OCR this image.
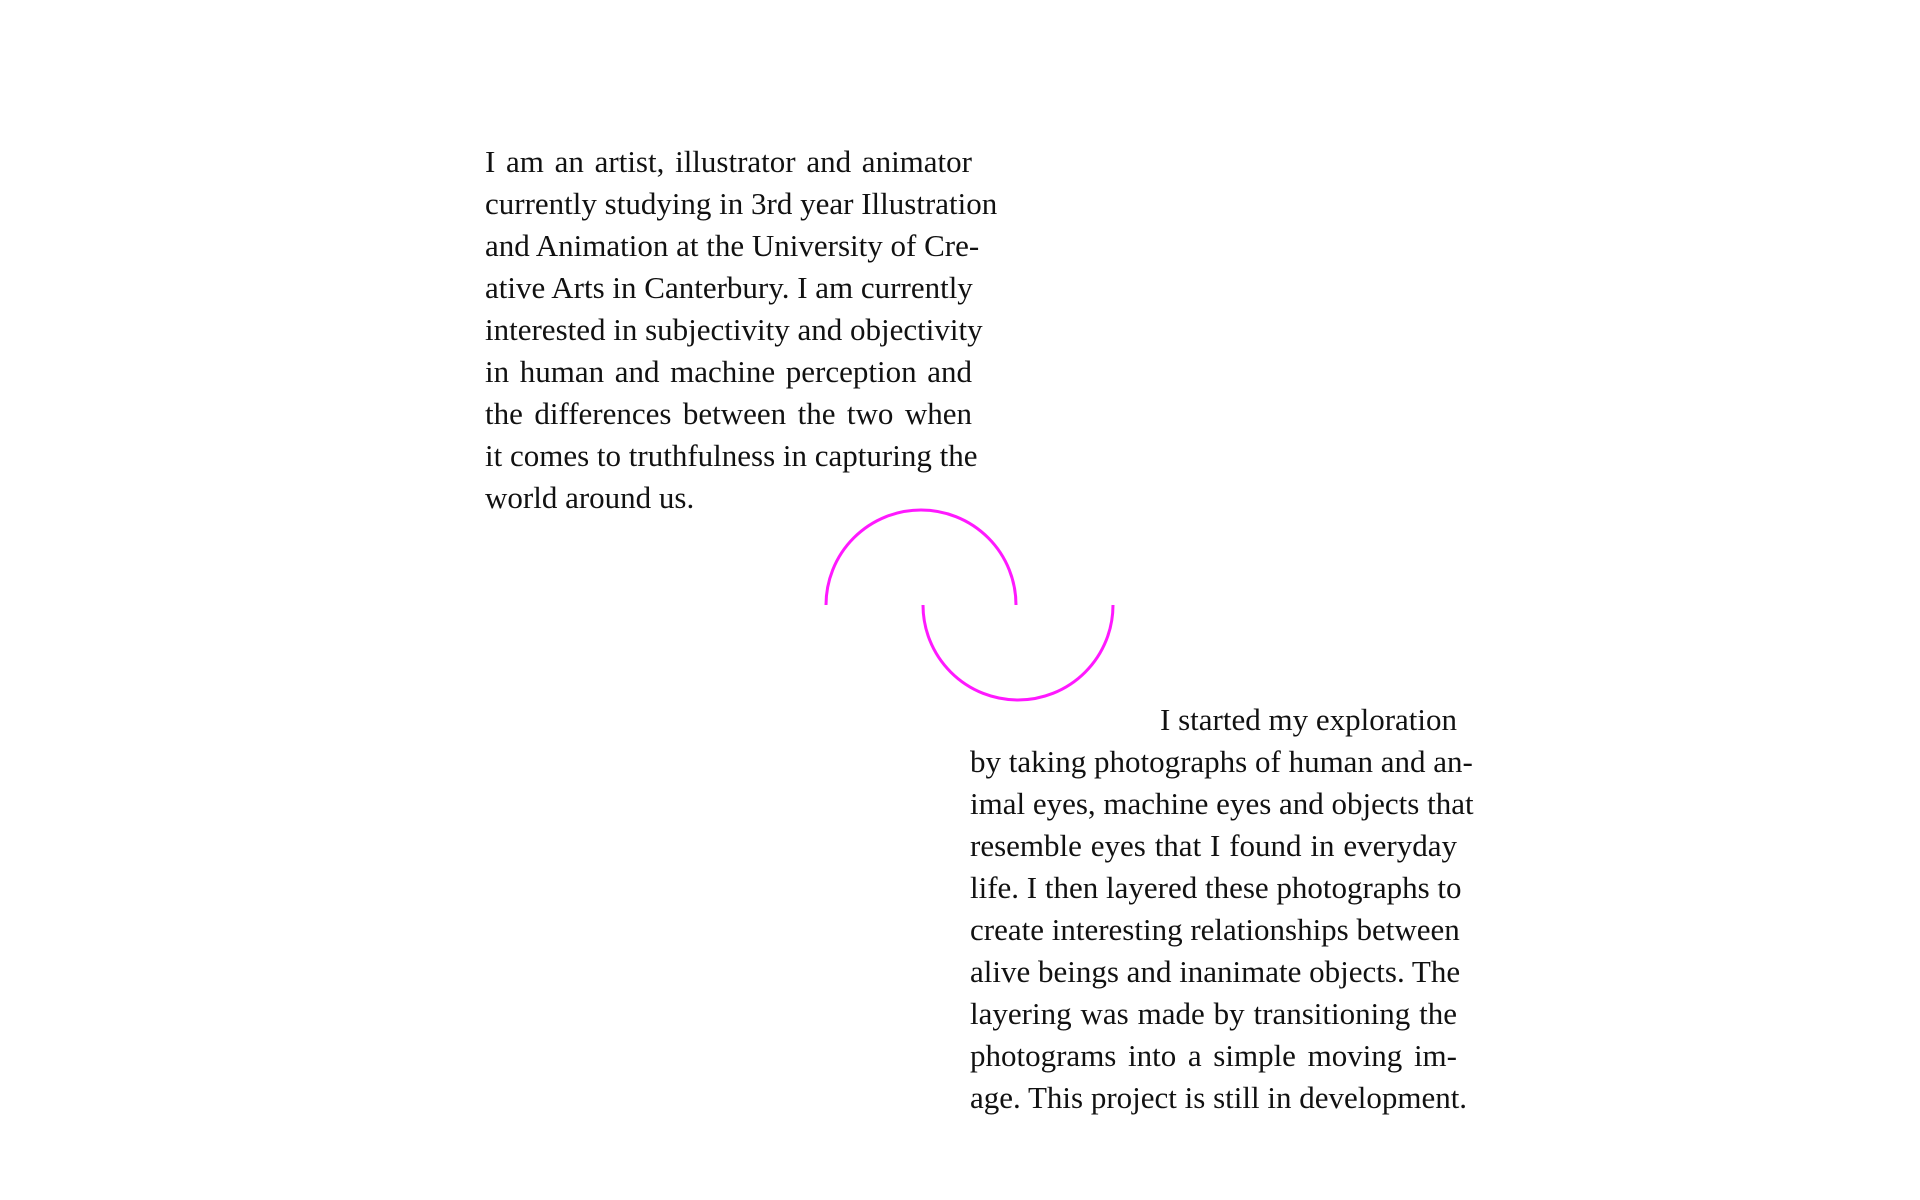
I am an artist, illustrator and animator
currently studying in 3rd year Illustration
and Animation at the University of Cre-
ative Arts in Canterbury. I am currently
interested in subjectivity and objectivity
in human and machine perception and
the differences between the two when
it comes to truthfulness in capturing the
world around us.
I started my exploration
by taking photographs of human and an-
imal eyes, machine eyes and objects that
resemble eyes that I found in everyday
life. I then layered these photographs to
create interesting relationships between
alive beings and inanimate objects. The
layering was made by transitioning the
photograms into a simple moving im-
age. This project is still in development.
